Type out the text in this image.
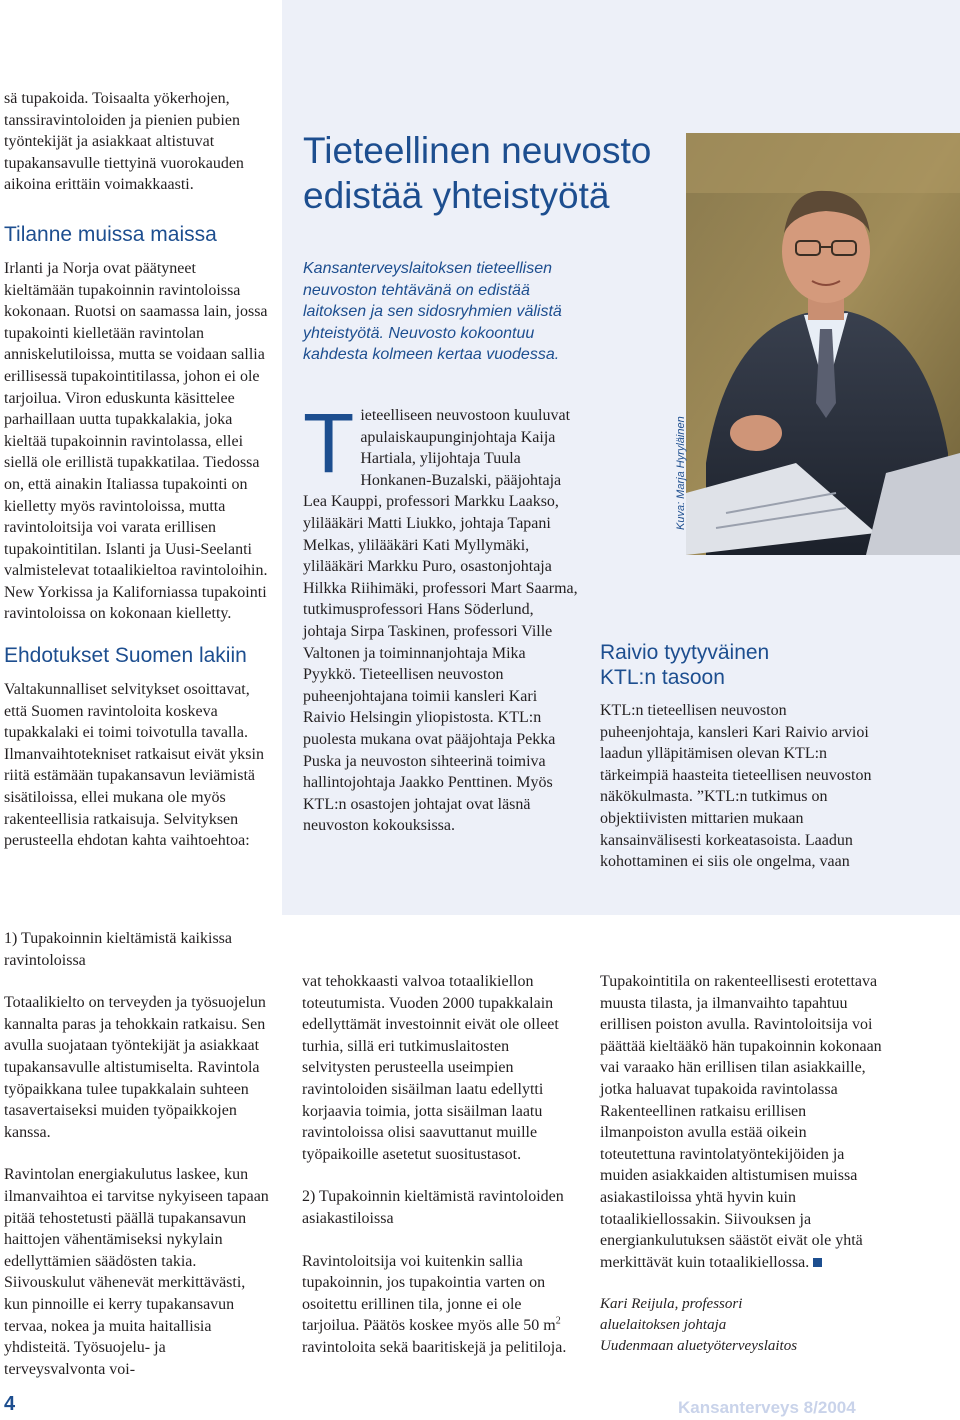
sä tupakoida. Toisaalta yökerhojen, tanssiravintoloiden ja pienien pubien työntekijät ja asiakkaat altistuvat tupakansavulle tiettyinä vuorokauden aikoina erittäin voimakkaasti.

Tilanne muissa maissa

Irlanti ja Norja ovat päätyneet kieltämään tupakoinnin ravintoloissa kokonaan. Ruotsi on saamassa lain, jossa tupakointi kielletään ravintolan anniskelutiloissa, mutta se voidaan sallia erillisessä tupakointitilassa, johon ei ole tarjoilua. Viron eduskunta käsittelee parhaillaan uutta tupakkalakia, joka kieltää tupakoinnin ravintolassa, ellei siellä ole erillistä tupakkatilaa. Tiedossa on, että ainakin Italiassa tupakointi on kielletty myös ravintoloissa, mutta ravintoloitsija voi varata erillisen tupakointitilan. Islanti ja Uusi-Seelanti valmistelevat totaalikieltoa ravintoloihin. New Yorkissa ja Kaliforniassa tupakointi ravintoloissa on kokonaan kielletty.

Ehdotukset Suomen lakiin

Valtakunnalliset selvitykset osoittavat, että Suomen ravintoloita koskeva tupakkalaki ei toimi toivotulla tavalla. Ilmanvaihtotekniset ratkaisut eivät yksin riitä estämään tupakansavun leviämistä sisätiloissa, ellei mukana ole myös rakenteellisia ratkaisuja. Selvityksen perusteella ehdotan kahta vaihtoehtoa:

1) Tupakoinnin kieltämistä kaikissa ravintoloissa

Totaalikielto on terveyden ja työsuojelun kannalta paras ja tehokkain ratkaisu. Sen avulla suojataan työntekijät ja asiakkaat tupakansavulle altistumiselta. Ravintola työpaikkana tulee tupakkalain suhteen tasavertaiseksi muiden työpaikkojen kanssa.

Ravintolan energiakulutus laskee, kun ilmanvaihtoa ei tarvitse nykyiseen tapaan pitää tehostetusti päällä tupakansavun haittojen vähentämiseksi nykylain edellyttämien säädösten takia. Siivouskulut vähenevät merkittävästi, kun pinnoille ei kerry tupakansavun tervaa, nokea ja muita haitallisia yhdisteitä. Työsuojelu- ja terveysvalvonta voi-

vat tehokkaasti valvoa totaalikiellon toteutumista. Vuoden 2000 tupakkalain edellyttämät investoinnit eivät ole olleet turhia, sillä eri tutkimuslaitosten selvitysten perusteella useimpien ravintoloiden sisäilman laatu edellytti korjaavia toimia, jotta sisäilman laatu ravintoloissa olisi saavuttanut muille työpaikoille asetetut suositustasot.

2) Tupakoinnin kieltämistä ravintoloiden asiakastiloissa

Ravintoloitsija voi kuitenkin sallia tupakoinnin, jos tupakointia varten on osoitettu erillinen tila, jonne ei ole tarjoilua. Päätös koskee myös alle 50 $m^2$ ravintoloita sekä baaritiskejä ja pelitiloja.

Tupakointitila on rakenteellisesti erotettava muusta tilasta, ja ilmanvaihto tapahtuu erillisen poiston avulla. Ravintoloitsija voi päättää kieltääkö hän tupakoinnin kokonaan vai varaako hän erillisen tilan asiakkaille, jotka haluavat tupakoida ravintolassa Rakenteellinen ratkaisu erillisen ilmanpoiston avulla estää oikein toteutettuna ravintolatyöntekijöiden ja muiden asiakkaiden altistumisen muissa asiakastiloissa yhtä hyvin kuin totaalikiellossakin. Siivouksen ja energiankulutuksen säästöt eivät ole yhtä merkittävät kuin totaalikiellossa.

Kari Reijula, professori

aluelaitoksen johtaja

Uudenmaan aluetyöterveyslaitos

Tieteellinen neuvosto edistää yhteistyötä
Kansanterveyslaitoksen tieteellisen neuvoston tehtävänä on edistää laitoksen ja sen sidosryhmien välistä yhteistyötä. Neuvosto kokoontuu kahdesta kolmeen kertaa vuodessa.

Tieteelliseen neuvostoon kuuluvat apulaiskaupunginjohtaja Kaija Hartiala, ylijohtaja Tuula Honkanen-Buzalski, pääjohtaja Lea Kauppi, professori Markku Laakso, ylilääkäri Matti Liukko, johtaja Tapani Melkas, ylilääkäri Kati Myllymäki, ylilääkäri Markku Puro, osastonjohtaja Hilkka Riihimäki, professori Mart Saarma, tutkimusprofessori Hans Söderlund, johtaja Sirpa Taskinen, professori Ville Valtonen ja toiminnanjohtaja Mika Pyykkö. Tieteellisen neuvoston puheenjohtajana toimii kansleri Kari Raivio Helsingin yliopistosta. KTL:n puolesta mukana ovat pääjohtaja Pekka Puska ja neuvoston sihteerinä toimiva hallintojohtaja Jaakko Penttinen. Myös KTL:n osastojen johtajat ovat läsnä neuvoston kokouksissa.

Kuva: Marja Hyryläinen
Raivio tyytyväinen KTL:n tasoon

KTL:n tieteellisen neuvoston puheenjohtaja, kansleri Kari Raivio arvioi laadun ylläpitämisen olevan KTL:n tärkeimpiä haasteita tieteellisen neuvoston näkökulmasta. ”KTL:n tutkimus on objektiivisten mittarien mukaan kansainvälisesti korkeatasoista. Laadun kohottaminen ei siis ole ongelma, vaan

4	Kansanterveys 8/2004
